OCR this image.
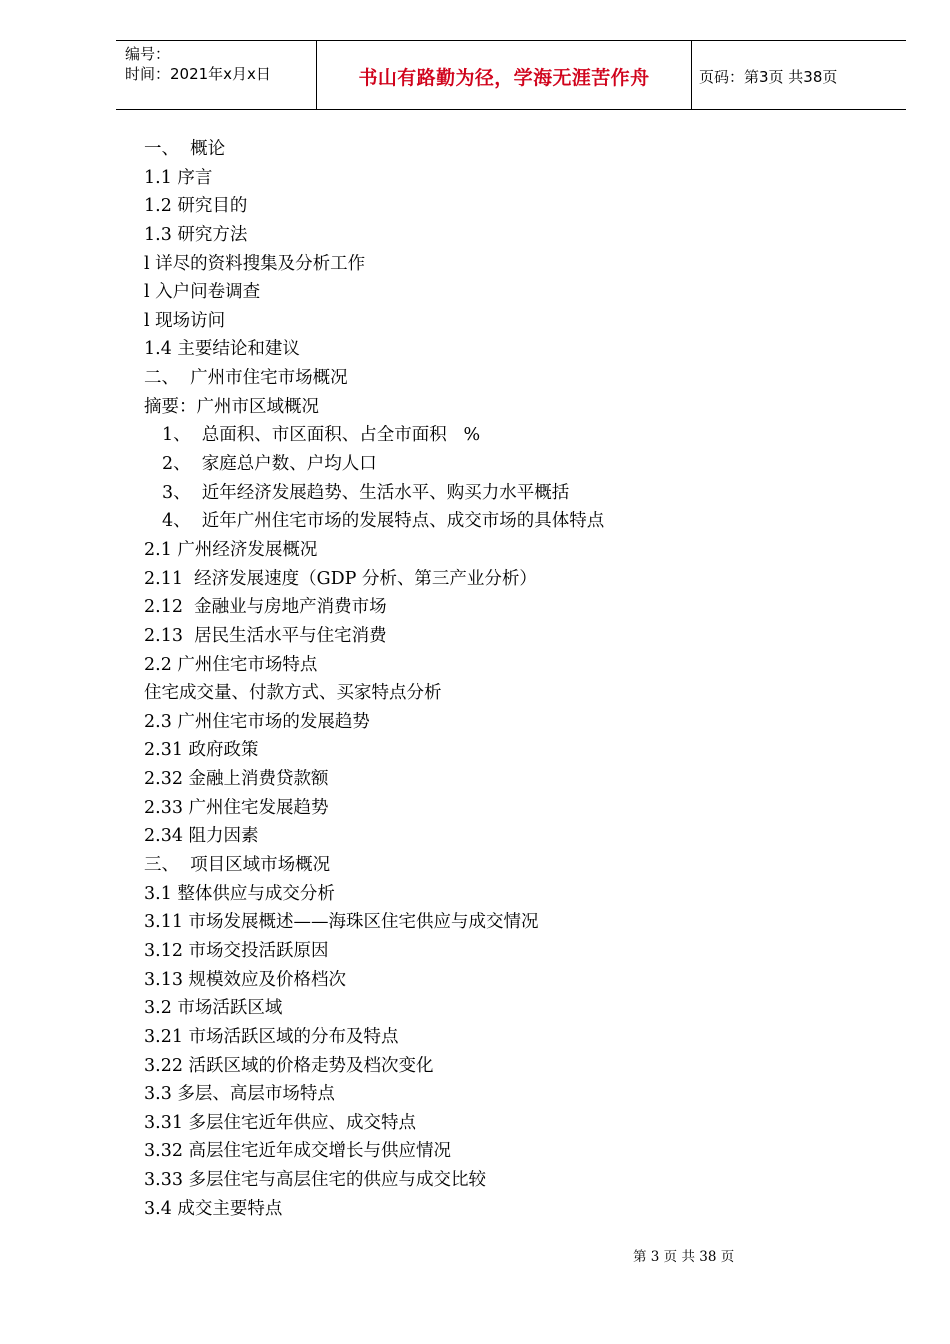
编号：
时间：2021年x月x日	书山有路勤为径，学海无涯苦作舟	页码：第3页 共38页
一、  概论
1.1 序言
1.2 研究目的
1.3 研究方法
l 详尽的资料搜集及分析工作
l 入户问卷调查
l 现场访问
1.4 主要结论和建议
二、  广州市住宅市场概况
摘要：广州市区域概况
1、  总面积、市区面积、占全市面积   %
2、  家庭总户数、户均人口
3、  近年经济发展趋势、生活水平、购买力水平概括
4、  近年广州住宅市场的发展特点、成交市场的具体特点
2.1 广州经济发展概况
2.11  经济发展速度（GDP 分析、第三产业分析）
2.12  金融业与房地产消费市场
2.13  居民生活水平与住宅消费
2.2 广州住宅市场特点
住宅成交量、付款方式、买家特点分析
2.3 广州住宅市场的发展趋势
2.31 政府政策
2.32 金融上消费贷款额
2.33 广州住宅发展趋势
2.34 阻力因素
三、  项目区域市场概况
3.1 整体供应与成交分析
3.11 市场发展概述——海珠区住宅供应与成交情况
3.12 市场交投活跃原因
3.13 规模效应及价格档次
3.2 市场活跃区域
3.21 市场活跃区域的分布及特点
3.22 活跃区域的价格走势及档次变化
3.3 多层、高层市场特点
3.31 多层住宅近年供应、成交特点
3.32 高层住宅近年成交增长与供应情况
3.33 多层住宅与高层住宅的供应与成交比较
3.4 成交主要特点
第 3 页 共 38 页
